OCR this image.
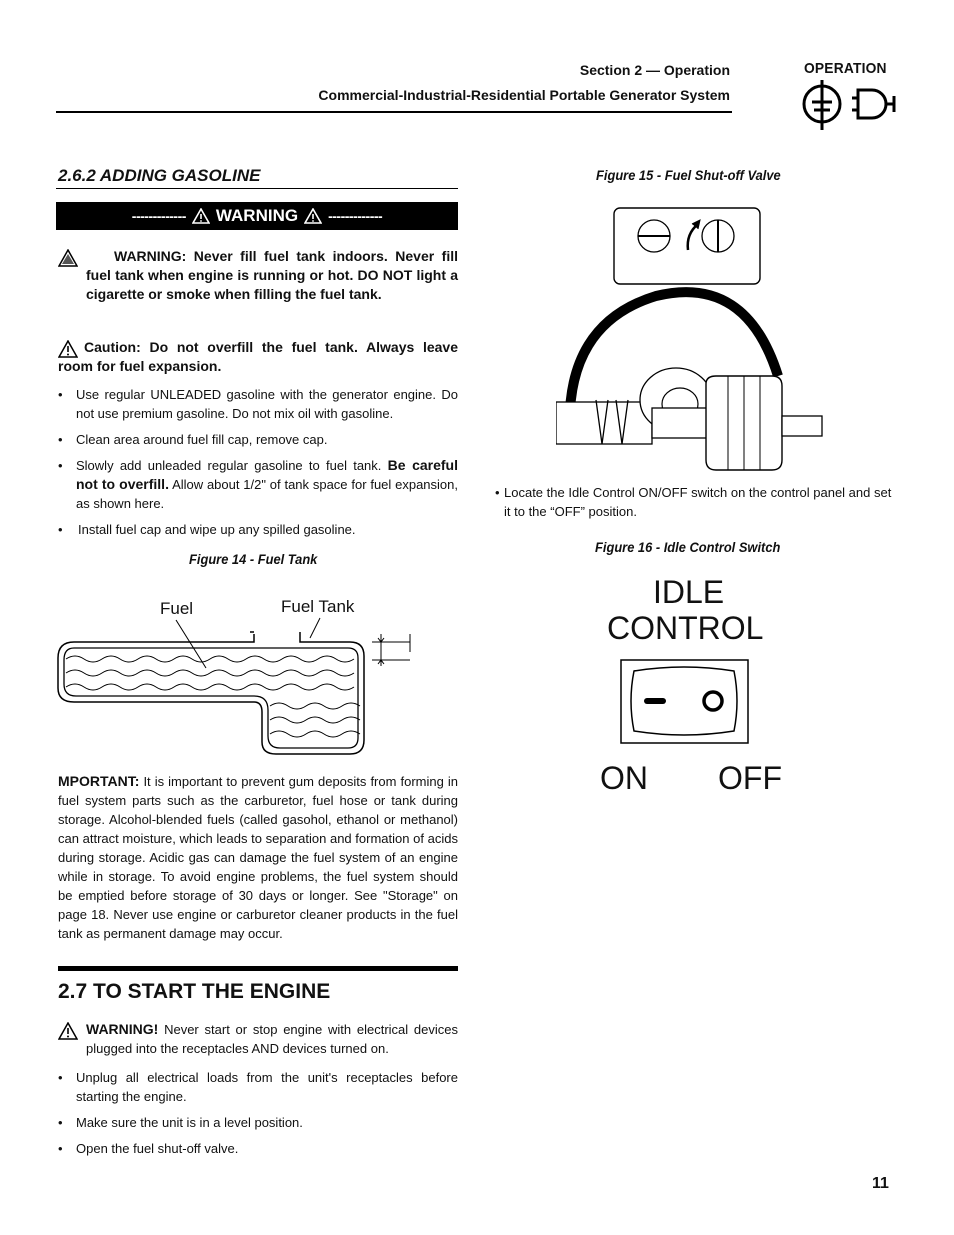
Section 2 — Operation
Commercial-Industrial-Residential Portable Generator System
OPERATION
2.6.2 ADDING GASOLINE
------------- WARNING -------------
WARNING: Never fill fuel tank indoors. Never fill fuel tank when engine is running or hot. DO NOT light a cigarette or smoke when filling the fuel tank.
Caution: Do not overfill the fuel tank. Always leave room for fuel expansion.
• Use regular UNLEADED gasoline with the generator engine. Do not use premium gasoline. Do not mix oil with gasoline.
• Clean area around fuel fill cap, remove cap.
• Slowly add unleaded regular gasoline to fuel tank. Be careful not to overfill. Allow about 1/2" of tank space for fuel expansion, as shown here.
• Install fuel cap and wipe up any spilled gasoline.
Figure 14 - Fuel Tank
Fuel	Fuel Tank
MPORTANT: It is important to prevent gum deposits from forming in fuel system parts such as the carburetor, fuel hose or tank during storage. Alcohol-blended fuels (called gasohol, ethanol or methanol) can attract moisture, which leads to separation and formation of acids during storage. Acidic gas can damage the fuel system of an engine while in storage. To avoid engine problems, the fuel system should be emptied before storage of 30 days or longer. See "Storage" on page 18. Never use engine or carburetor cleaner products in the fuel tank as permanent damage may occur.
2.7 TO START THE ENGINE
WARNING! Never start or stop engine with electrical devices plugged into the receptacles AND devices turned on.
• Unplug all electrical loads from the unit's receptacles before starting the engine.
• Make sure the unit is in a level position.
• Open the fuel shut-off valve.
Figure 15 - Fuel Shut-off Valve
• Locate the Idle Control ON/OFF switch on the control panel and set it to the “OFF” position.
Figure 16 - Idle Control Switch
IDLE
CONTROL
ON OFF
11
